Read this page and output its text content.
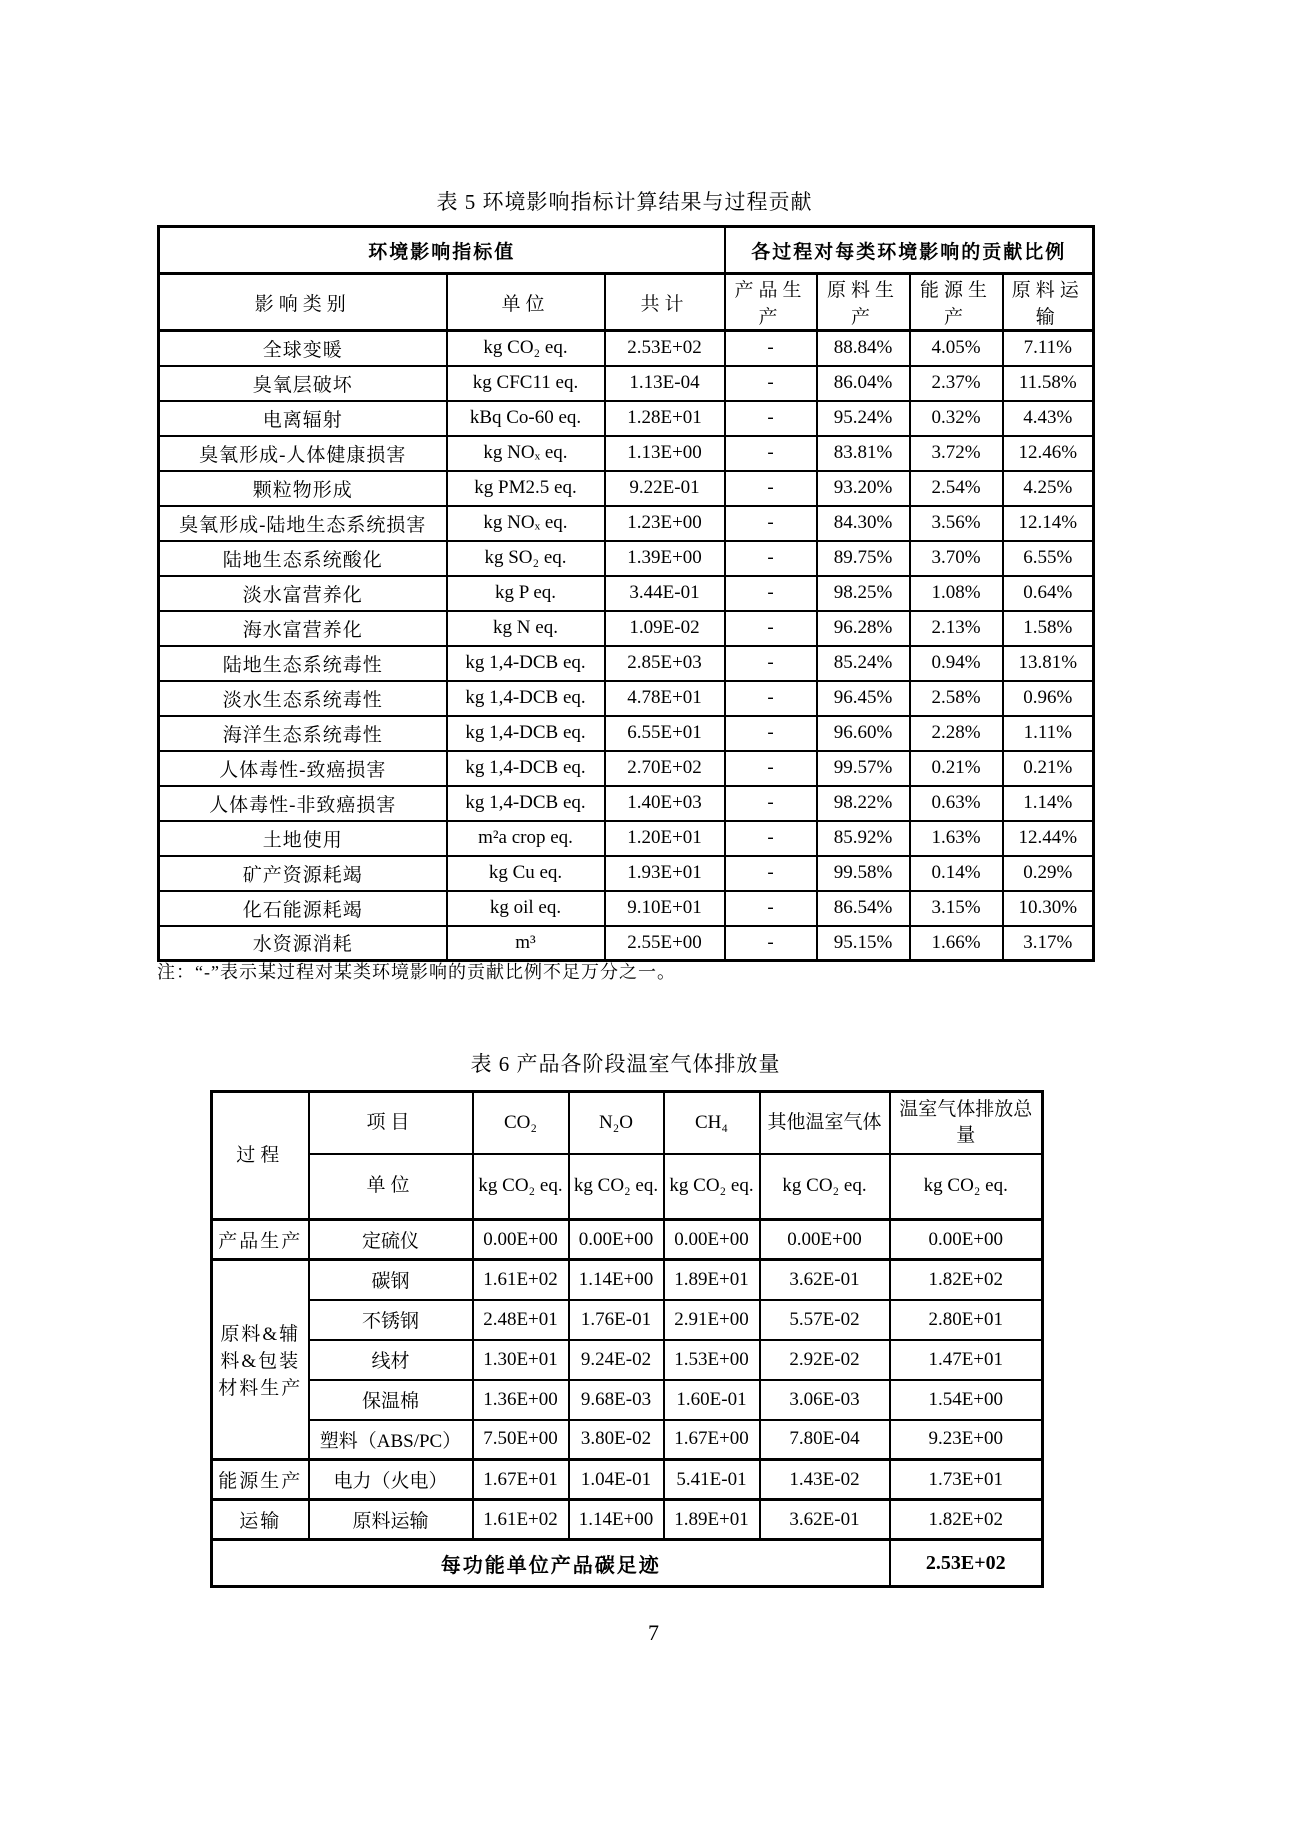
表 5 环境影响指标计算结果与过程贡献
环境影响指标值			各过程对每类环境影响的贡献比例			
影响类别	单位	共计	产品生产	原料生产	能源生产	原料运输
全球变暖	kg CO₂ eq.	2.53E+02	-	88.84%	4.05%	7.11%
臭氧层破坏	kg CFC11 eq.	1.13E-04	-	86.04%	2.37%	11.58%
电离辐射	kBq Co-60 eq.	1.28E+01	-	95.24%	0.32%	4.43%
臭氧形成-人体健康损害	kg NOₓ eq.	1.13E+00	-	83.81%	3.72%	12.46%
颗粒物形成	kg PM2.5 eq.	9.22E-01	-	93.20%	2.54%	4.25%
臭氧形成-陆地生态系统损害	kg NOₓ eq.	1.23E+00	-	84.30%	3.56%	12.14%
陆地生态系统酸化	kg SO₂ eq.	1.39E+00	-	89.75%	3.70%	6.55%
淡水富营养化	kg P eq.	3.44E-01	-	98.25%	1.08%	0.64%
海水富营养化	kg N eq.	1.09E-02	-	96.28%	2.13%	1.58%
陆地生态系统毒性	kg 1,4-DCB eq.	2.85E+03	-	85.24%	0.94%	13.81%
淡水生态系统毒性	kg 1,4-DCB eq.	4.78E+01	-	96.45%	2.58%	0.96%
海洋生态系统毒性	kg 1,4-DCB eq.	6.55E+01	-	96.60%	2.28%	1.11%
人体毒性-致癌损害	kg 1,4-DCB eq.	2.70E+02	-	99.57%	0.21%	0.21%
人体毒性-非致癌损害	kg 1,4-DCB eq.	1.40E+03	-	98.22%	0.63%	1.14%
土地使用	m²a crop eq.	1.20E+01	-	85.92%	1.63%	12.44%
矿产资源耗竭	kg Cu eq.	1.93E+01	-	99.58%	0.14%	0.29%
化石能源耗竭	kg oil eq.	9.10E+01	-	86.54%	3.15%	10.30%
水资源消耗	m³	2.55E+00	-	95.15%	1.66%	3.17%
注：“-”表示某过程对某类环境影响的贡献比例不足万分之一。
表 6 产品各阶段温室气体排放量
过程	项目	CO₂	N₂O	CH₄	其他温室气体	温室气体排放总量
	单位	kg CO₂ eq.	kg CO₂ eq.	kg CO₂ eq.	kg CO₂ eq.	kg CO₂ eq.
产品生产	定硫仪	0.00E+00	0.00E+00	0.00E+00	0.00E+00	0.00E+00
原料&辅料&包装材料生产	碳钢	1.61E+02	1.14E+00	1.89E+01	3.62E-01	1.82E+02
	不锈钢	2.48E+01	1.76E-01	2.91E+00	5.57E-02	2.80E+01
	线材	1.30E+01	9.24E-02	1.53E+00	2.92E-02	1.47E+01
	保温棉	1.36E+00	9.68E-03	1.60E-01	3.06E-03	1.54E+00
	塑料（ABS/PC）	7.50E+00	3.80E-02	1.67E+00	7.80E-04	9.23E+00
能源生产	电力（火电）	1.67E+01	1.04E-01	5.41E-01	1.43E-02	1.73E+01
运输	原料运输	1.61E+02	1.14E+00	1.89E+01	3.62E-01	1.82E+02
每功能单位产品碳足迹						2.53E+02
7
